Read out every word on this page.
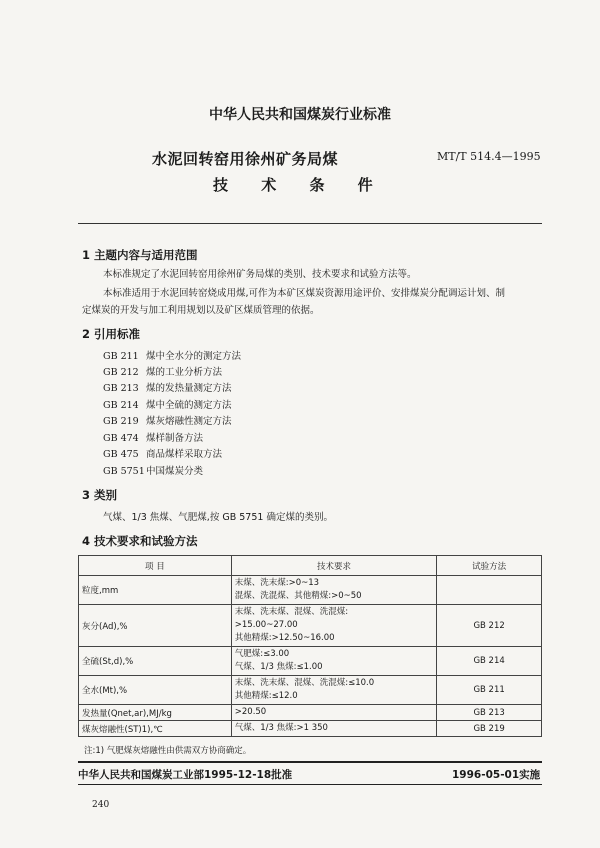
中华人民共和国煤炭行业标准
水泥回转窑用徐州矿务局煤
技 术 条 件
MT/T 514.4—1995
1 主题内容与适用范围
本标准规定了水泥回转窑用徐州矿务局煤的类别、技术要求和试验方法等。
本标准适用于水泥回转窑烧成用煤,可作为本矿区煤炭资源用途评价、安排煤炭分配调运计划、制
定煤炭的开发与加工利用规划以及矿区煤质管理的依据。
2 引用标准
GB 211 煤中全水分的测定方法
GB 212 煤的工业分析方法
GB 213 煤的发热量测定方法
GB 214 煤中全硫的测定方法
GB 219 煤灰熔融性测定方法
GB 474 煤样制备方法
GB 475 商品煤样采取方法
GB 5751 中国煤炭分类
3 类别
气煤、1/3 焦煤、气肥煤,按 GB 5751 确定煤的类别。
4 技术要求和试验方法
项 目	技术要求	试验方法
粒度,mm	末煤、洗末煤:>0~13
混煤、洗混煤、其他精煤:>0~50	

灰分(Ad),%	末煤、洗末煤、混煤、洗混煤:
>15.00~27.00
其他精煤:>12.50~16.00	GB 212
全硫(St,d),%	气肥煤:≤3.00
气煤、1/3 焦煤:≤1.00	GB 214
全水(Mt),%	末煤、洗末煤、混煤、洗混煤:≤10.0
其他精煤:≤12.0	GB 211
发热量(Qnet,ar),MJ/kg	>20.50	GB 213
煤灰熔融性(ST)1),℃	气煤、1/3 焦煤:>1 350	GB 219
注:1) 气肥煤灰熔融性由供需双方协商确定。
中华人民共和国煤炭工业部1995-12-18批准	1996-05-01实施
240
